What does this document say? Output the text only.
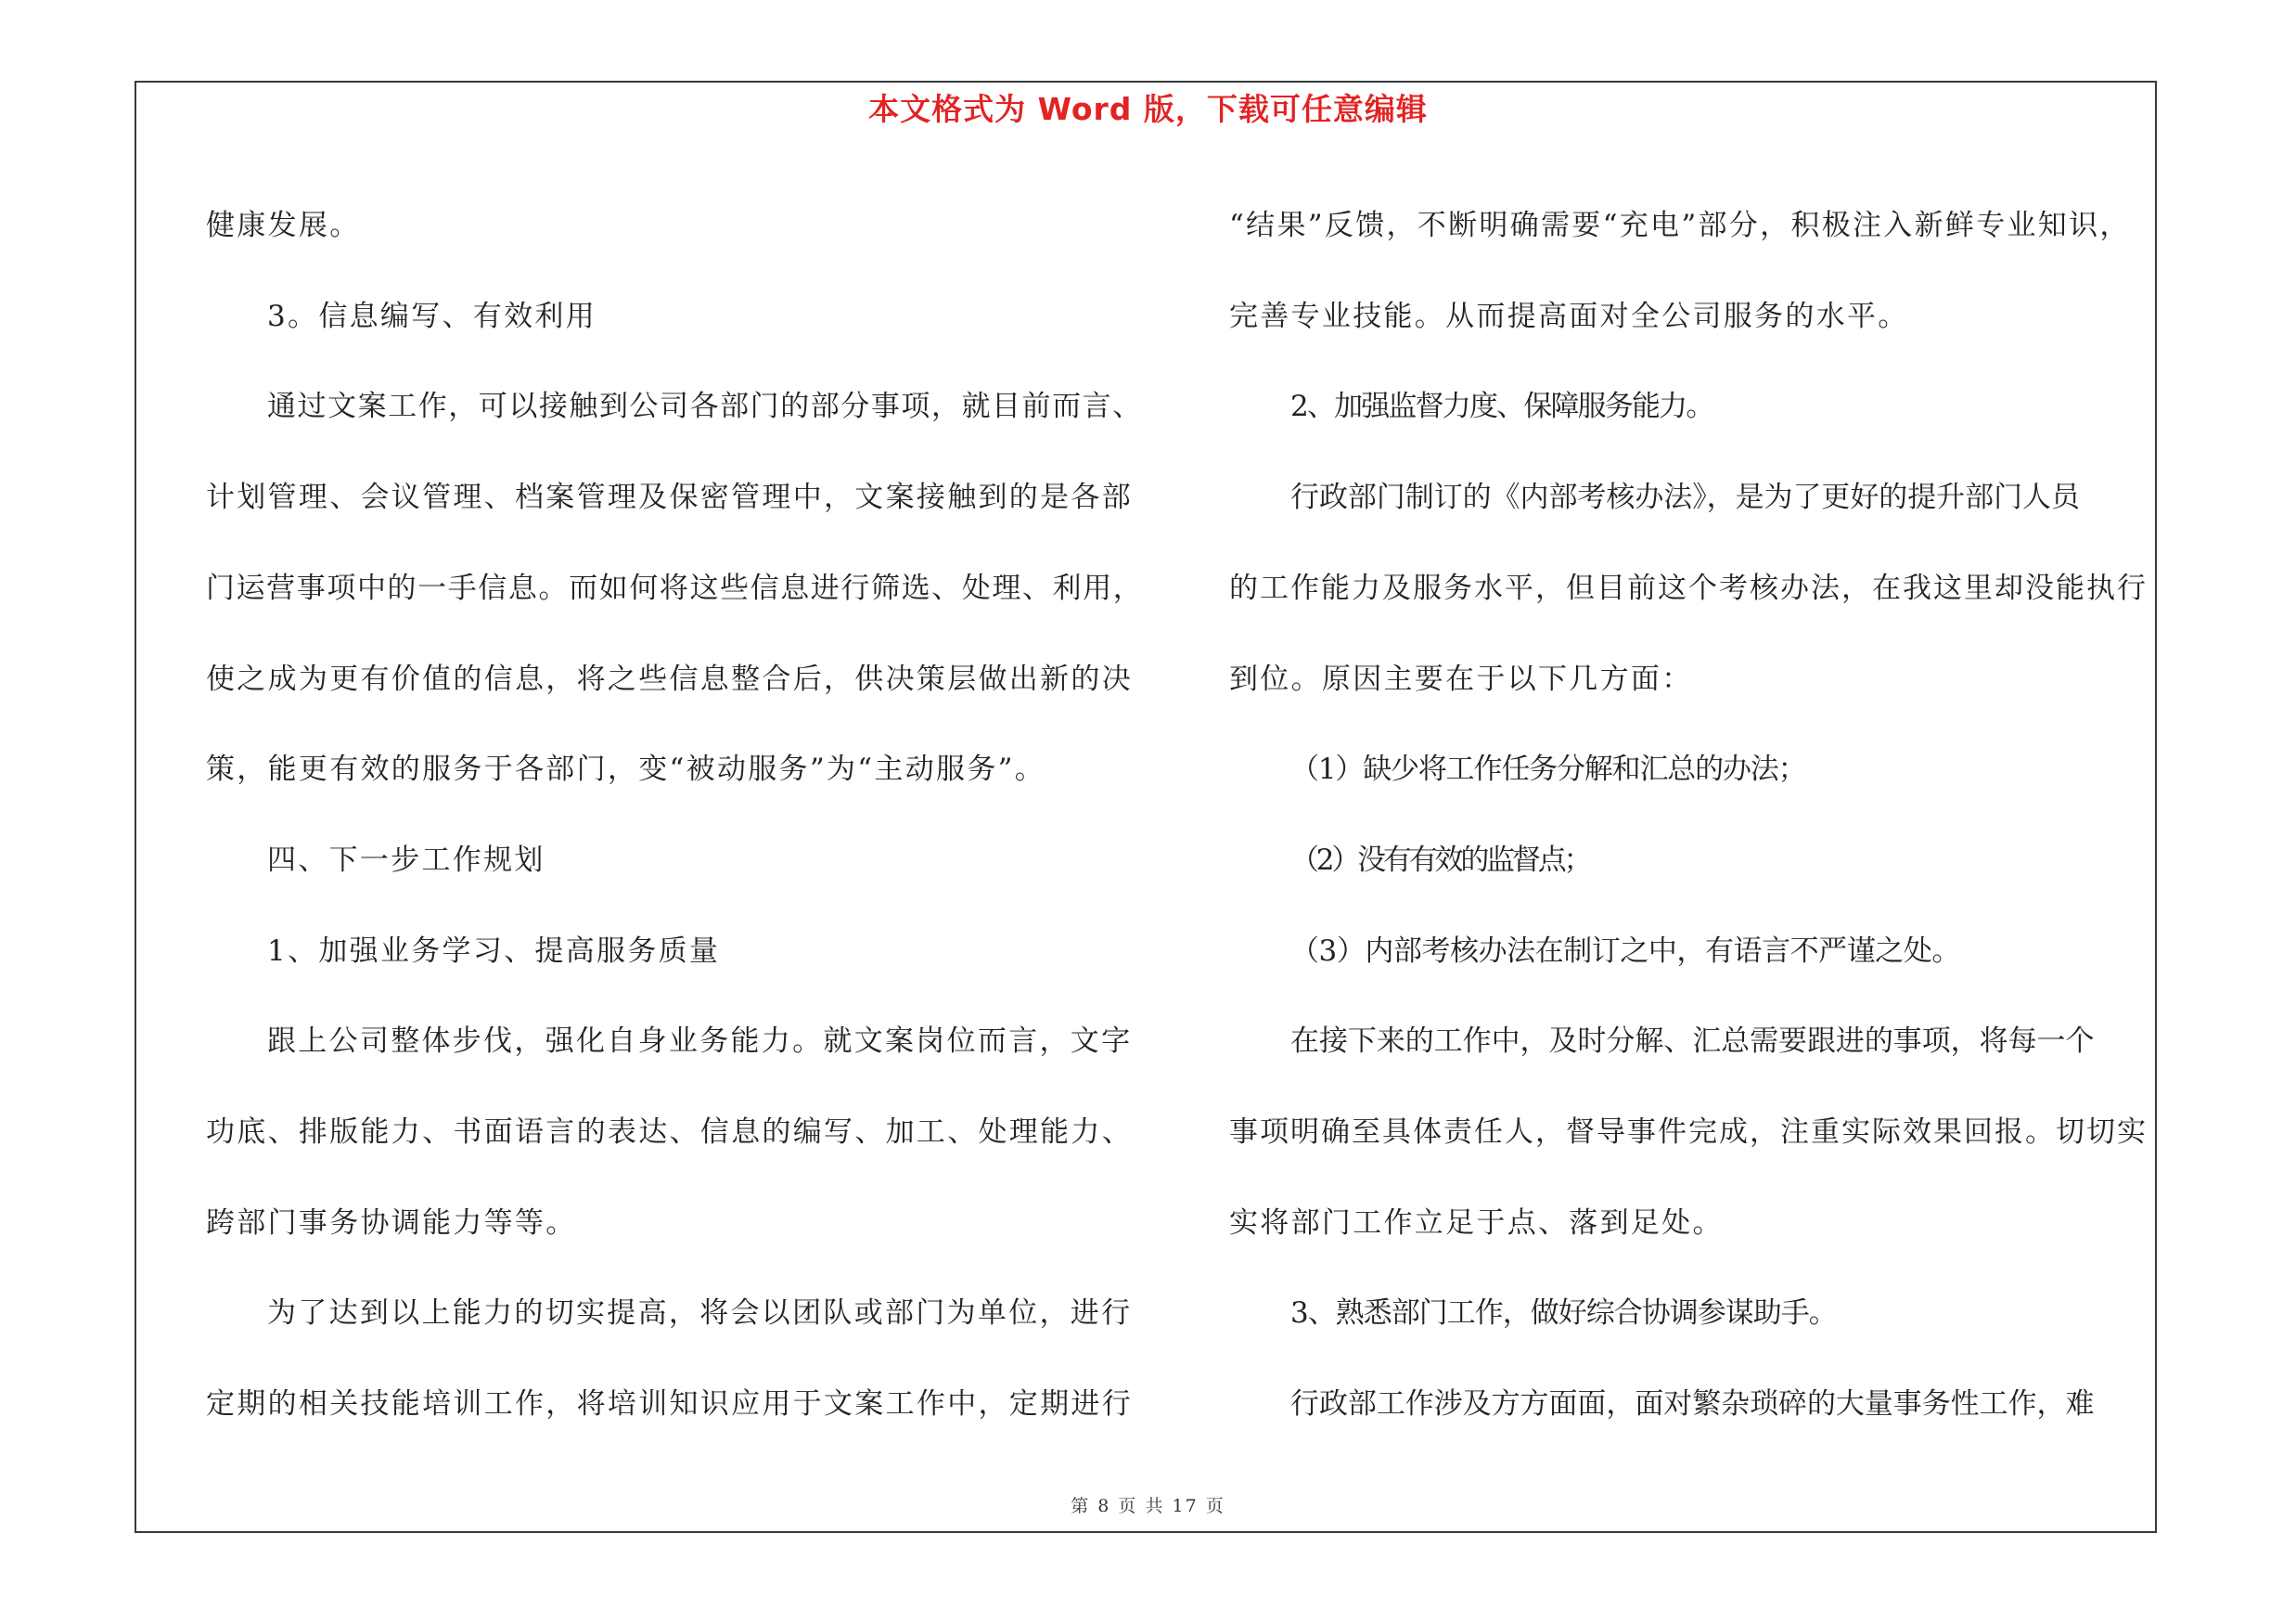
本文格式为 Word 版，下载可任意编辑

健康发展。

3。信息编写、有效利用

通过文案工作，可以接触到公司各部门的部分事项，就目前而言、

计划管理、会议管理、档案管理及保密管理中，文案接触到的是各部

门运营事项中的一手信息。而如何将这些信息进行筛选、处理、利用，

使之成为更有价值的信息，将之些信息整合后，供决策层做出新的决

策，能更有效的服务于各部门，变“被动服务”为“主动服务”。

四、下一步工作规划

1、加强业务学习、提高服务质量

跟上公司整体步伐，强化自身业务能力。就文案岗位而言，文字

功底、排版能力、书面语言的表达、信息的编写、加工、处理能力、

跨部门事务协调能力等等。

为了达到以上能力的切实提高，将会以团队或部门为单位，进行

定期的相关技能培训工作，将培训知识应用于文案工作中，定期进行

“结果”反馈，不断明确需要“充电”部分，积极注入新鲜专业知识，

完善专业技能。从而提高面对全公司服务的水平。

2、加强监督力度、保障服务能力。

行政部门制订的《内部考核办法》，是为了更好的提升部门人员

的工作能力及服务水平，但目前这个考核办法，在我这里却没能执行

到位。原因主要在于以下几方面：

（1）缺少将工作任务分解和汇总的办法；

（2）没有有效的监督点；

（3）内部考核办法在制订之中，有语言不严谨之处。

在接下来的工作中，及时分解、汇总需要跟进的事项，将每一个

事项明确至具体责任人，督导事件完成，注重实际效果回报。切切实

实将部门工作立足于点、落到足处。

3、熟悉部门工作，做好综合协调参谋助手。

行政部工作涉及方方面面，面对繁杂琐碎的大量事务性工作，难

第 8 页 共 17 页
